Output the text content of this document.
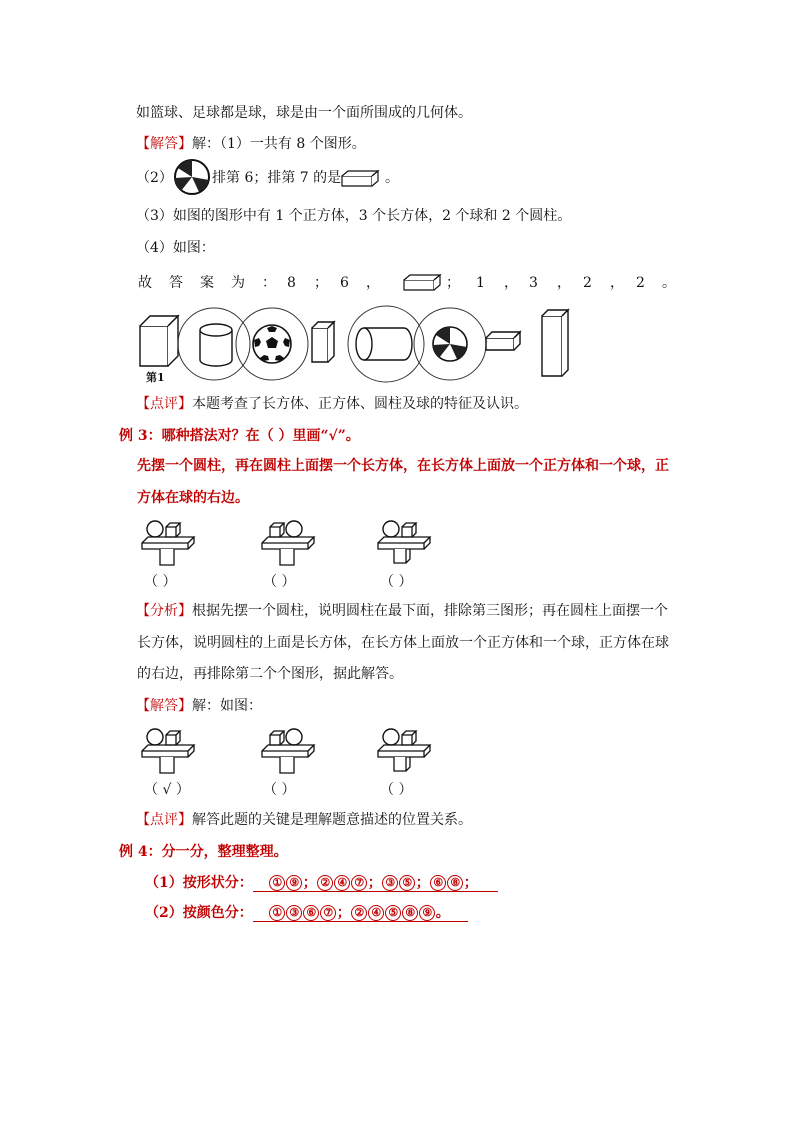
如篮球、足球都是球，球是由一个面所围成的几何体。
【解答】解：（1）一共有 8 个图形。
（2）	排第 6；排第 7 的是	。
（3）如图的图形中有 1 个正方体，3 个长方体，2 个球和 2 个圆柱。
（4）如图：
故 答 案 为 ： 8 ； 6 ，	； 1 ， 3 ， 2 ， 2 。
第1
【点评】本题考查了长方体、正方体、圆柱及球的特征及认识。
例 3：哪种搭法对？在（ ）里画“√”。
先摆一个圆柱，再在圆柱上面摆一个长方体，在长方体上面放一个正方体和一个球，正
方体在球的右边。
（ ）	（ ）	（ ）
【分析】根据先摆一个圆柱，说明圆柱在最下面，排除第三图形；再在圆柱上面摆一个
长方体，说明圆柱的上面是长方体，在长方体上面放一个正方体和一个球，正方体在球
的右边，再排除第二个个图形，据此解答。
【解答】解：如图：
（ √ ）	（ ）	（ ）
【点评】解答此题的关键是理解题意描述的位置关系。
例 4：分一分，整理整理。
（1）按形状分： ① ⑨ ； ② ④ ⑦ ； ③ ⑤ ； ⑥ ⑧ ；
（2）按颜色分： ① ③ ⑥ ⑦ ； ② ④ ⑤ ⑧ ⑨ 。
